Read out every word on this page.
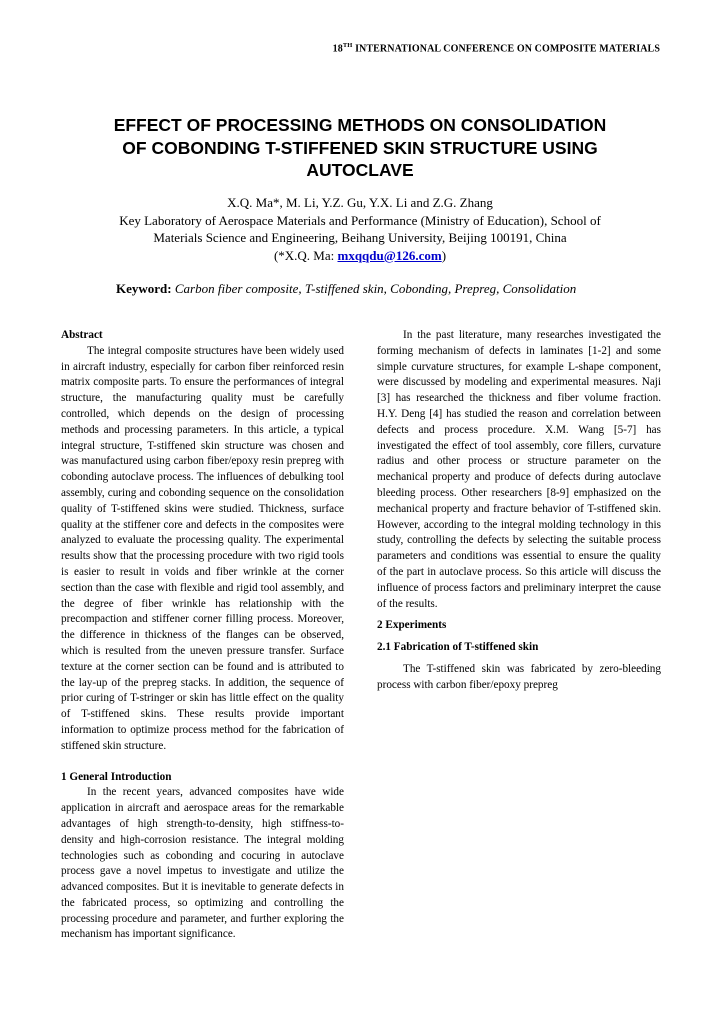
18TH INTERNATIONAL CONFERENCE ON COMPOSITE MATERIALS
EFFECT OF PROCESSING METHODS ON CONSOLIDATION
OF COBONDING T-STIFFENED SKIN STRUCTURE USING
AUTOCLAVE
X.Q. Ma*, M. Li, Y.Z. Gu, Y.X. Li and Z.G. Zhang
Key Laboratory of Aerospace Materials and Performance (Ministry of Education), School of
Materials Science and Engineering, Beihang University, Beijing 100191, China
(*X.Q. Ma: mxqqdu@126.com)
Keyword: Carbon fiber composite, T-stiffened skin, Cobonding, Prepreg, Consolidation
Abstract

The integral composite structures have been widely used in aircraft industry, especially for carbon fiber reinforced resin matrix composite parts. To ensure the performances of integral structure, the manufacturing quality must be carefully controlled, which depends on the design of processing methods and processing parameters. In this article, a typical integral structure, T-stiffened skin structure was chosen and was manufactured using carbon fiber/epoxy resin prepreg with cobonding autoclave process. The influences of debulking tool assembly, curing and cobonding sequence on the consolidation quality of T-stiffened skins were studied. Thickness, surface quality at the stiffener core and defects in the composites were analyzed to evaluate the processing quality. The experimental results show that the processing procedure with two rigid tools is easier to result in voids and fiber wrinkle at the corner section than the case with flexible and rigid tool assembly, and the degree of fiber wrinkle has relationship with the precompaction and stiffener corner filling process. Moreover, the difference in thickness of the flanges can be observed, which is resulted from the uneven pressure transfer. Surface texture at the corner section can be found and is attributed to the lay-up of the prepreg stacks. In addition, the sequence of prior curing of T-stringer or skin has little effect on the quality of T-stiffened skins. These results provide important information to optimize process method for the fabrication of stiffened skin structure.

1 General Introduction

In the recent years, advanced composites have wide application in aircraft and aerospace areas for the remarkable advantages of high strength-to-density, high stiffness-to-density and high-corrosion resistance. The integral molding technologies such as cobonding and cocuring in autoclave process gave a novel impetus to investigate and utilize the advanced composites. But it is inevitable to generate defects in the fabricated process, so optimizing and controlling the processing procedure and parameter, and further exploring the mechanism has important significance.

In the past literature, many researches investigated the forming mechanism of defects in laminates [1-2] and some simple curvature structures, for example L-shape component, were discussed by modeling and experimental measures. Naji [3] has researched the thickness and fiber volume fraction. H.Y. Deng [4] has studied the reason and correlation between defects and process procedure. X.M. Wang [5-7] has investigated the effect of tool assembly, core fillers, curvature radius and other process or structure parameter on the mechanical property and produce of defects during autoclave bleeding process. Other researchers [8-9] emphasized on the mechanical property and fracture behavior of T-stiffened skin. However, according to the integral molding technology in this study, controlling the defects by selecting the suitable process parameters and conditions was essential to ensure the quality of the part in autoclave process. So this article will discuss the influence of process factors and preliminary interpret the cause of the results.

2 Experiments
2.1 Fabrication of T-stiffened skin

The T-stiffened skin was fabricated by zero-bleeding process with carbon fiber/epoxy prepreg
